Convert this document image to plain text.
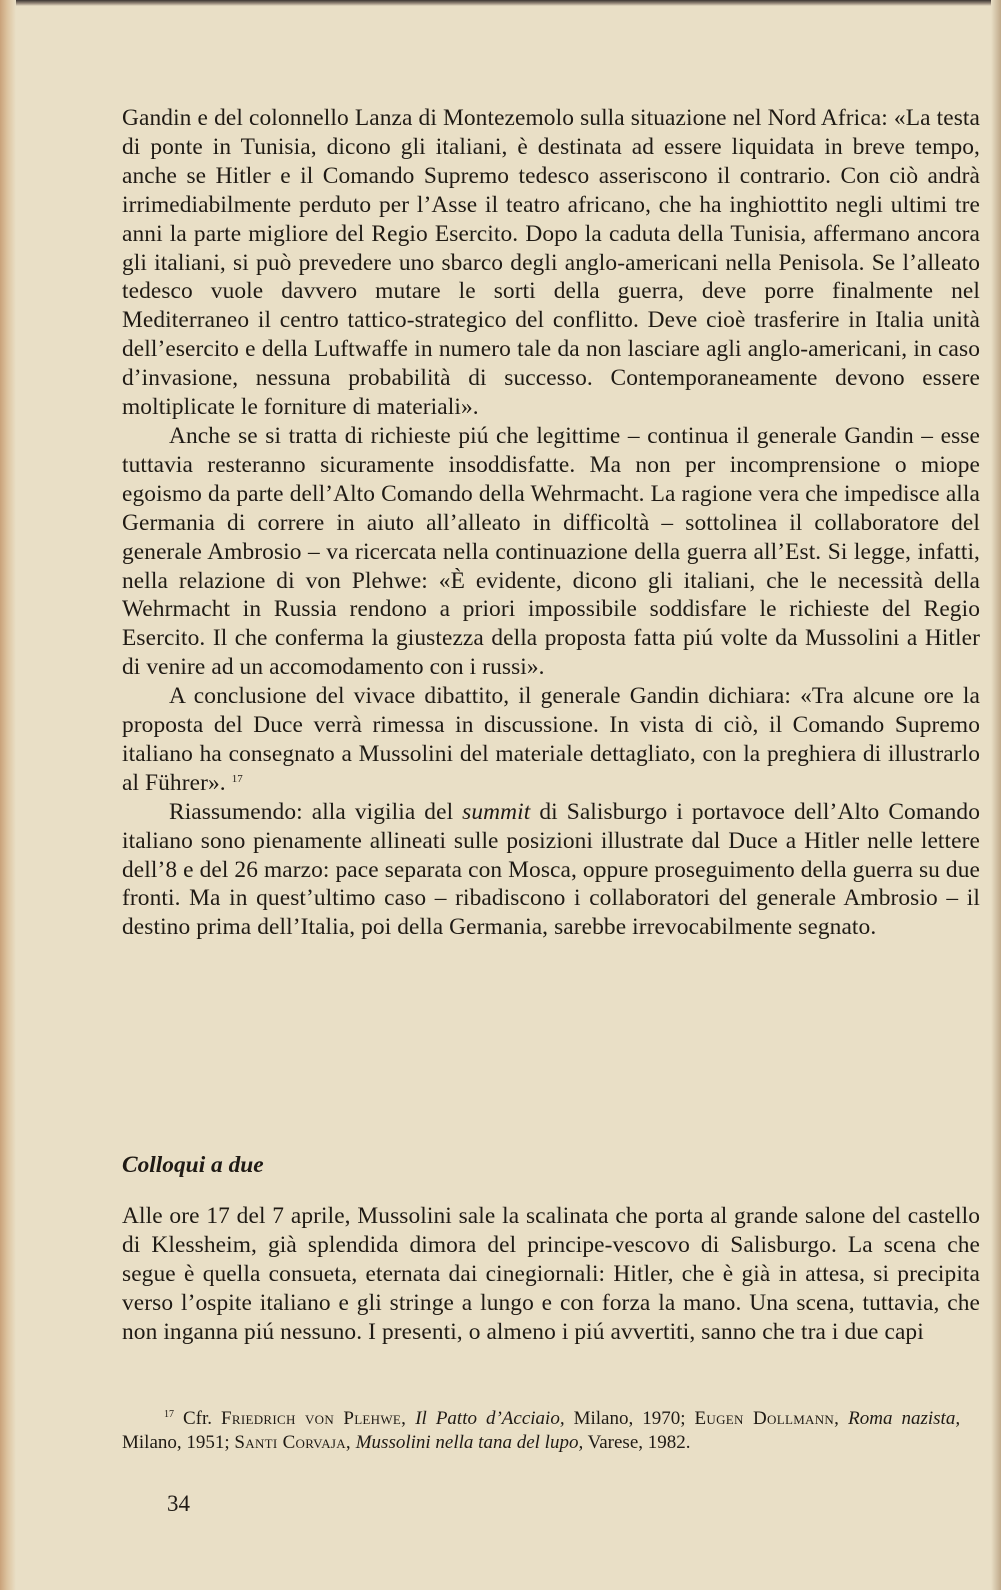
Gandin e del colonnello Lanza di Montezemolo sulla situazione nel Nord Africa: «La testa di ponte in Tunisia, dicono gli italiani, è destinata ad essere liquidata in breve tempo, anche se Hitler e il Comando Supremo tedesco asseriscono il contrario. Con ciò andrà irrimediabilmente perduto per l’Asse il teatro africano, che ha inghiottito negli ultimi tre anni la parte migliore del Regio Esercito. Dopo la caduta della Tunisia, affermano ancora gli italiani, si può prevedere uno sbarco degli anglo-americani nella Penisola. Se l’alleato tedesco vuole davvero mutare le sorti della guerra, deve porre finalmente nel Mediterraneo il centro tattico-strategico del conflitto. Deve cioè trasferire in Italia unità dell’esercito e della Luftwaffe in numero tale da non lasciare agli anglo-americani, in caso d’invasione, nessuna probabilità di successo. Contemporaneamente devono essere moltiplicate le forniture di materiali».

Anche se si tratta di richieste piú che legittime – continua il generale Gandin – esse tuttavia resteranno sicuramente insoddisfatte. Ma non per incomprensione o miope egoismo da parte dell’Alto Comando della Wehrmacht. La ragione vera che impedisce alla Germania di correre in aiuto all’alleato in difficoltà – sottolinea il collaboratore del generale Ambrosio – va ricercata nella continuazione della guerra all’Est. Si legge, infatti, nella relazione di von Plehwe: «È evidente, dicono gli italiani, che le necessità della Wehrmacht in Russia rendono a priori impossibile soddisfare le richieste del Regio Esercito. Il che conferma la giustezza della proposta fatta piú volte da Mussolini a Hitler di venire ad un accomodamento con i russi».

A conclusione del vivace dibattito, il generale Gandin dichiara: «Tra alcune ore la proposta del Duce verrà rimessa in discussione. In vista di ciò, il Comando Supremo italiano ha consegnato a Mussolini del materiale dettagliato, con la preghiera di illustrarlo al Führer». $^{17}$

Riassumendo: alla vigilia del summit di Salisburgo i portavoce dell’Alto Comando italiano sono pienamente allineati sulle posizioni illustrate dal Duce a Hitler nelle lettere dell’8 e del 26 marzo: pace separata con Mosca, oppure proseguimento della guerra su due fronti. Ma in quest’ultimo caso – ribadiscono i collaboratori del generale Ambrosio – il destino prima dell’Italia, poi della Germania, sarebbe irrevocabilmente segnato.

Colloqui a due

Alle ore 17 del 7 aprile, Mussolini sale la scalinata che porta al grande salone del castello di Klessheim, già splendida dimora del principe-vescovo di Salisburgo. La scena che segue è quella consueta, eternata dai cinegiornali: Hitler, che è già in attesa, si precipita verso l’ospite italiano e gli stringe a lungo e con forza la mano. Una scena, tuttavia, che non inganna piú nessuno. I presenti, o almeno i piú avvertiti, sanno che tra i due capi

$^{17}$ Cfr. Friedrich von Plehwe, Il Patto d’Acciaio, Milano, 1970; Eugen Dollmann, Roma nazista, Milano, 1951; Santi Corvaja, Mussolini nella tana del lupo, Varese, 1982.

34
